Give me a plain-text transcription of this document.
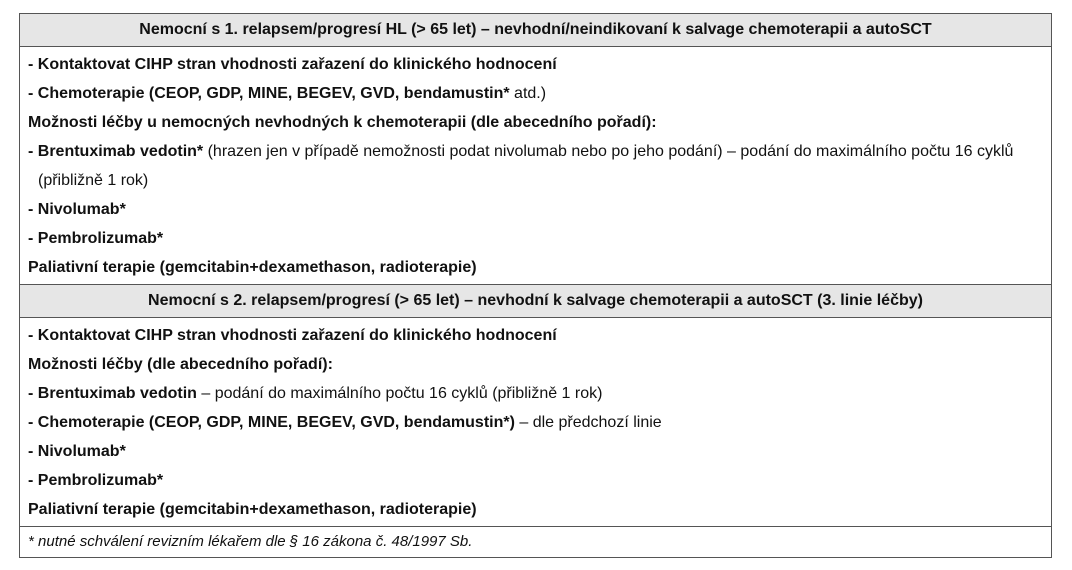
Nemocní s 1. relapsem/progresí HL (> 65 let) – nevhodní/neindikovaní k salvage chemoterapii a autoSCT
- Kontaktovat CIHP stran vhodnosti zařazení do klinického hodnocení
- Chemoterapie (CEOP, GDP, MINE, BEGEV, GVD, bendamustin* atd.)
Možnosti léčby u nemocných nevhodných k chemoterapii (dle abecedního pořadí):
- Brentuximab vedotin* (hrazen jen v případě nemožnosti podat nivolumab nebo po jeho podání) – podání do maximálního počtu 16 cyklů (přibližně 1 rok)
- Nivolumab*
- Pembrolizumab*
Paliativní terapie (gemcitabin+dexamethason, radioterapie)
Nemocní s 2. relapsem/progresí (> 65 let) – nevhodní k salvage chemoterapii a autoSCT (3. linie léčby)
- Kontaktovat CIHP stran vhodnosti zařazení do klinického hodnocení
Možnosti léčby (dle abecedního pořadí):
- Brentuximab vedotin – podání do maximálního počtu 16 cyklů (přibližně 1 rok)
- Chemoterapie (CEOP, GDP, MINE, BEGEV, GVD, bendamustin*) – dle předchozí linie
- Nivolumab*
- Pembrolizumab*
Paliativní terapie (gemcitabin+dexamethason, radioterapie)
* nutné schválení revizním lékařem dle § 16 zákona č. 48/1997 Sb.
